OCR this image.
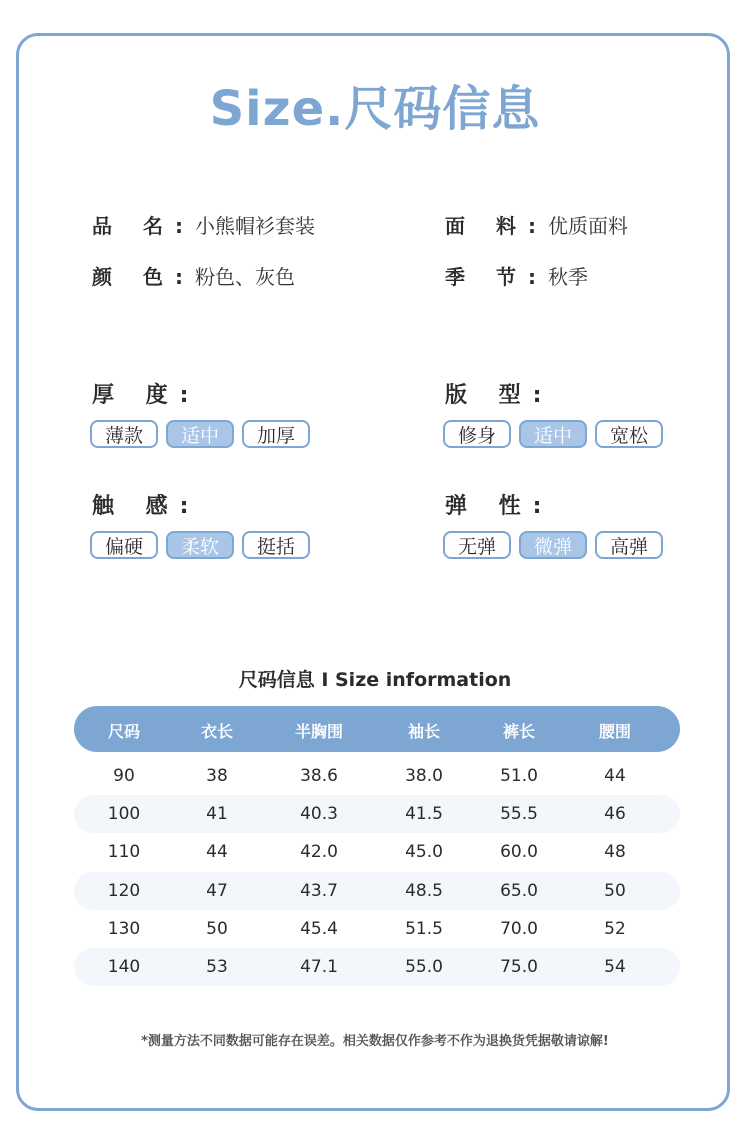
Size.尺码信息
品 名:小熊帽衫套装	面 料:优质面料
颜 色:粉色、灰色	季 节:秋季
厚 度:
薄款	适中	加厚
版 型:
修身	适中	宽松
触 感:
偏硬	柔软	挺括
弹 性:
无弹	微弹	高弹
尺码信息 I Size information
尺码	衣长	半胸围	袖长	裤长	腰围
90	38	38.6	38.0	51.0	44
100	41	40.3	41.5	55.5	46
110	44	42.0	45.0	60.0	48
120	47	43.7	48.5	65.0	50
130	50	45.4	51.5	70.0	52
140	53	47.1	55.0	75.0	54
*测量方法不同数据可能存在误差。相关数据仅作参考不作为退换货凭据敬请谅解!
